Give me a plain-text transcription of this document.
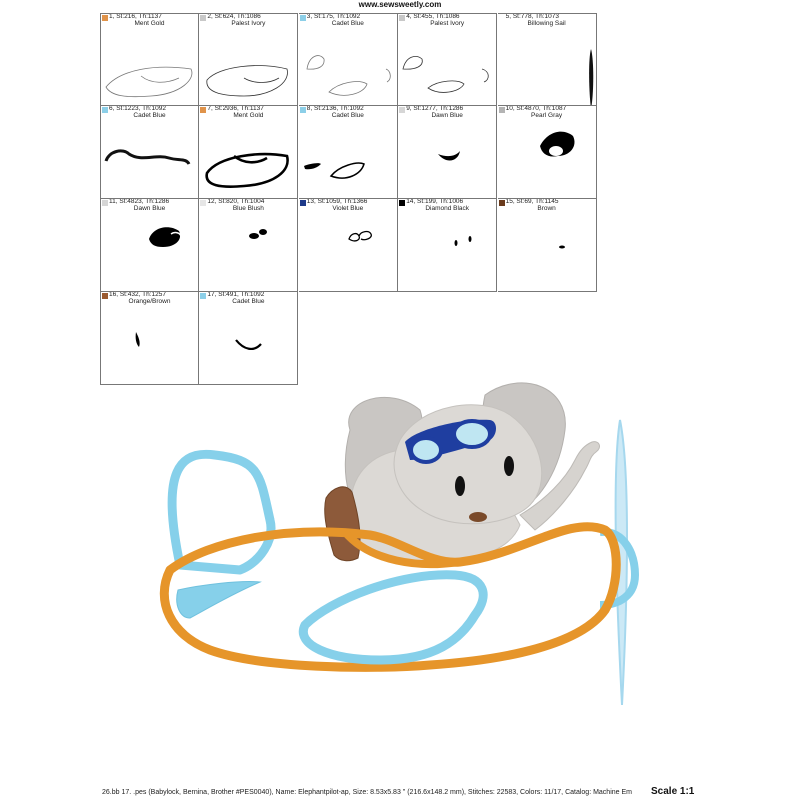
www.sewsweetly.com
1, St:216, Th:1137
Ment Gold
2, St:624, Th:1086
Palest Ivory
3, St:175, Th:1092
Cadet Blue
4, St:455, Th:1086
Palest Ivory
5, St:778, Th:1073
Billowing Sail
6, St:1223, Th:1092
Cadet Blue
7, St:2936, Th:1137
Ment Gold
8, St:2136, Th:1092
Cadet Blue
9, St:1277, Th:1286
Dawn Blue
10, St:4870, Th:1087
Pearl Gray
11, St:4823, Th:1286
Dawn Blue
12, St:820, Th:1004
Blue Blush
13, St:1059, Th:1366
Violet Blue
14, St:199, Th:1006
Diamond Black
15, St:69, Th:1145
Brown
16, St:432, Th:1257
Orange/Brown
17, St:491, Th:1092
Cadet Blue
26.bb 17. .pes (Babylock, Bernina, Brother #PES0040), Name: Elephantpilot-ap, Size: 8.53x5.83 " (216.6x148.2 mm), Stitches: 22583, Colors: 11/17, Catalog: Machine Em Scale 1:1
